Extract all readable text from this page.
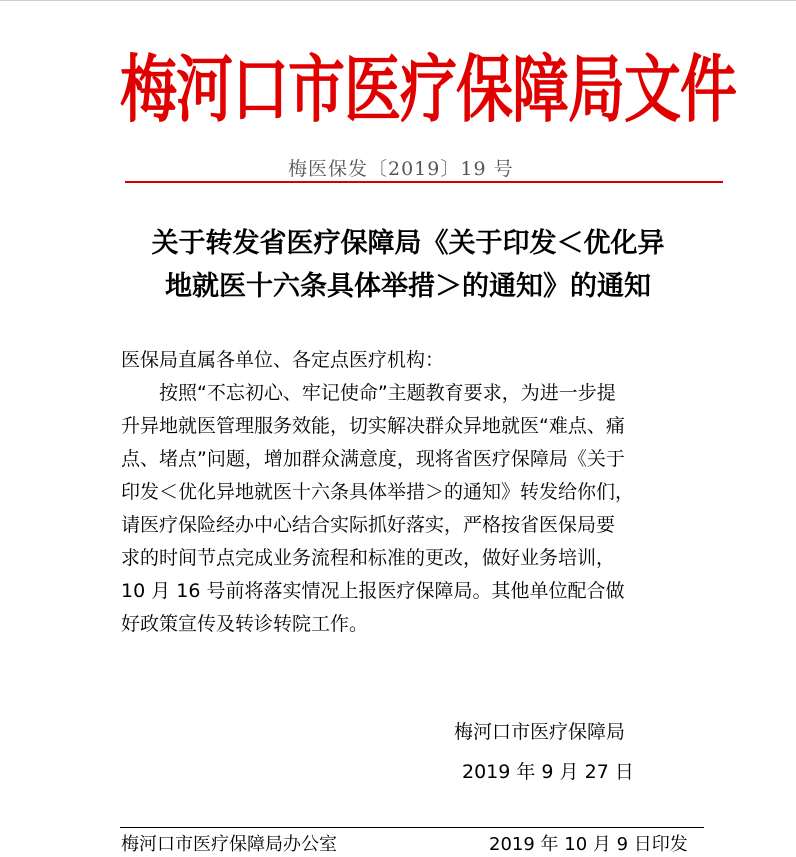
梅河口市医疗保障局文件
梅医保发〔2019〕19 号
关于转发省医疗保障局《关于印发＜优化异
地就医十六条具体举措＞的通知》的通知

医保局直属各单位、各定点医疗机构：

按照“不忘初心、牢记使命”主题教育要求，为进一步提

升异地就医管理服务效能，切实解决群众异地就医“难点、痛

点、堵点”问题，增加群众满意度，现将省医疗保障局《关于

印发＜优化异地就医十六条具体举措＞的通知》转发给你们，

请医疗保险经办中心结合实际抓好落实，严格按省医保局要

求的时间节点完成业务流程和标准的更改，做好业务培训，

10 月 16 号前将落实情况上报医疗保障局。其他单位配合做

好政策宣传及转诊转院工作。

梅河口市医疗保障局
2019 年 9 月 27 日
梅河口市医疗保障局办公室	2019 年 10 月 9 日印发
